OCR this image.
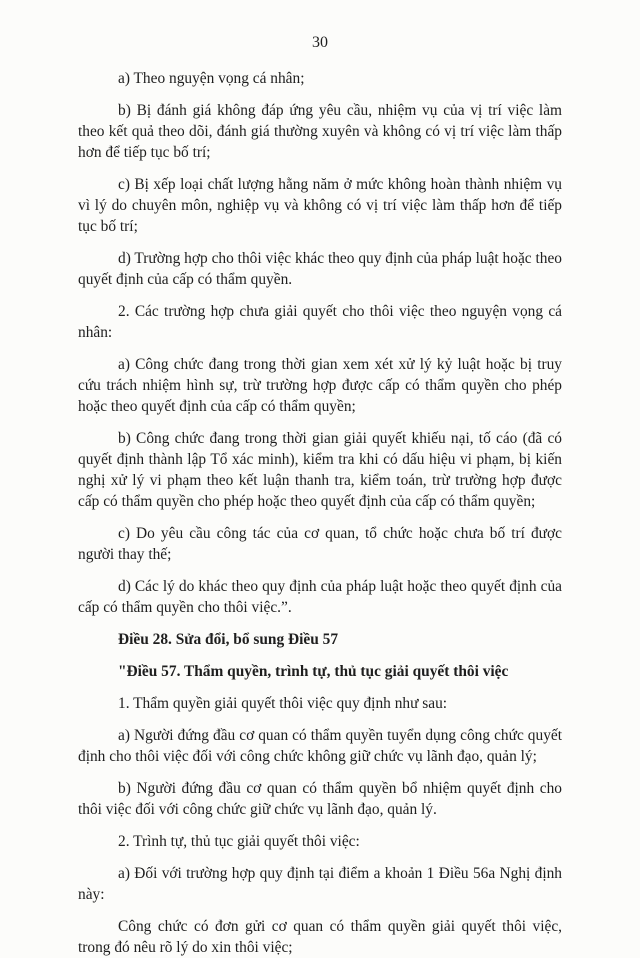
30

a) Theo nguyện vọng cá nhân;

b) Bị đánh giá không đáp ứng yêu cầu, nhiệm vụ của vị trí việc làm theo kết quả theo dõi, đánh giá thường xuyên và không có vị trí việc làm thấp hơn để tiếp tục bố trí;

c) Bị xếp loại chất lượng hằng năm ở mức không hoàn thành nhiệm vụ vì lý do chuyên môn, nghiệp vụ và không có vị trí việc làm thấp hơn để tiếp tục bố trí;

d) Trường hợp cho thôi việc khác theo quy định của pháp luật hoặc theo quyết định của cấp có thẩm quyền.

2. Các trường hợp chưa giải quyết cho thôi việc theo nguyện vọng cá nhân:

a) Công chức đang trong thời gian xem xét xử lý kỷ luật hoặc bị truy cứu trách nhiệm hình sự, trừ trường hợp được cấp có thẩm quyền cho phép hoặc theo quyết định của cấp có thẩm quyền;

b) Công chức đang trong thời gian giải quyết khiếu nại, tố cáo (đã có quyết định thành lập Tổ xác minh), kiểm tra khi có dấu hiệu vi phạm, bị kiến nghị xử lý vi phạm theo kết luận thanh tra, kiểm toán, trừ trường hợp được cấp có thẩm quyền cho phép hoặc theo quyết định của cấp có thẩm quyền;

c) Do yêu cầu công tác của cơ quan, tổ chức hoặc chưa bố trí được người thay thế;

d) Các lý do khác theo quy định của pháp luật hoặc theo quyết định của cấp có thẩm quyền cho thôi việc.”.

Điều 28. Sửa đổi, bổ sung Điều 57

"Điều 57. Thẩm quyền, trình tự, thủ tục giải quyết thôi việc

1. Thẩm quyền giải quyết thôi việc quy định như sau:

a) Người đứng đầu cơ quan có thẩm quyền tuyển dụng công chức quyết định cho thôi việc đối với công chức không giữ chức vụ lãnh đạo, quản lý;

b) Người đứng đầu cơ quan có thẩm quyền bổ nhiệm quyết định cho thôi việc đối với công chức giữ chức vụ lãnh đạo, quản lý.

2. Trình tự, thủ tục giải quyết thôi việc:

a) Đối với trường hợp quy định tại điểm a khoản 1 Điều 56a Nghị định này:

Công chức có đơn gửi cơ quan có thẩm quyền giải quyết thôi việc, trong đó nêu rõ lý do xin thôi việc;
